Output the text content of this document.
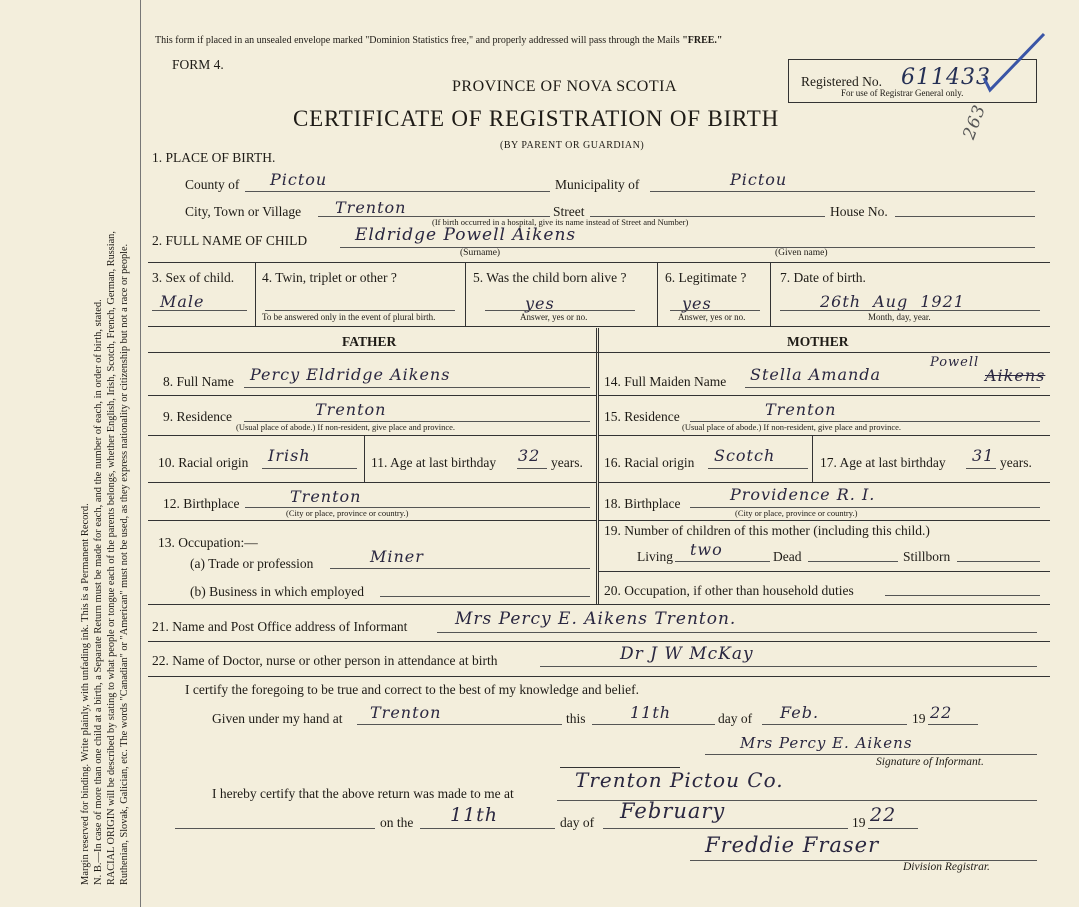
Margin reserved for binding. Write plainly, with unfading ink. This is a Permanent Record. N. B.—In case of more than one child at a birth, a Separate Return must be made for each, and the number of each, in order of birth, stated. RACIAL ORIGIN will be described by stating to what people or tongue each of the parents belongs, whether English, Irish, Scotch, French, German, Russian, Ruthenian, Slovak, Galician, etc. The words "Canadian" or "American" must not be used, as they express nationality or citizenship but not a race or people.
This form if placed in an unsealed envelope marked "Dominion Statistics free," and properly addressed will pass through the Mails "FREE."
FORM 4.
PROVINCE OF NOVA SCOTIA
CERTIFICATE OF REGISTRATION OF BIRTH
(BY PARENT OR GUARDIAN)
Registered No. 611433
For use of Registrar General only.
263
1. PLACE OF BIRTH.
County of Pictou	Municipality of	Pictou
City, Town or Village Trenton	Street	House No.
(If birth occurred in a hospital, give its name instead of Street and Number)
2. FULL NAME OF CHILD	Eldridge Powell Aikens
(Surname)	(Given name)
3. Sex of child.
Male
4. Twin, triplet or other ?
To be answered only in the event of plural birth.
5. Was the child born alive ?
yes
Answer, yes or no.
6. Legitimate ?
yes
Answer, yes or no.
7. Date of birth.
26th Aug 1921
Month, day, year.
FATHER	MOTHER
8. Full Name Percy Eldridge Aikens
9. Residence	Trenton
(Usual place of abode.) If non-resident, give place and province.
10. Racial origin Irish	11. Age at last birthday 32 years.
12. Birthplace	Trenton
(City or place, province or country.)
13. Occupation:—
(a) Trade or profession	Miner
(b) Business in which employed
14. Full Maiden Name Stella Amanda
Powell
Aikens
15. Residence	Trenton
(Usual place of abode.) If non-resident, give place and province.
16. Racial origin Scotch	17. Age at last birthday 31 years.
18. Birthplace	Providence R. I.
(City or place, province or country.)
19. Number of children of this mother (including this child.)
Living two	Dead	Stillborn
20. Occupation, if other than household duties
21. Name and Post Office address of Informant	Mrs Percy E. Aikens Trenton.
22. Name of Doctor, nurse or other person in attendance at birth	Dr J W McKay
I certify the foregoing to be true and correct to the best of my knowledge and belief.
Given under my hand at Trenton	this	11th	day of Feb.	19 22
Mrs Percy E. Aikens
Signature of Informant.
I hereby certify that the above return was made to me at
Trenton Pictou Co.
on the 11th	day of February	19 22
Freddie Fraser
Division Registrar.
